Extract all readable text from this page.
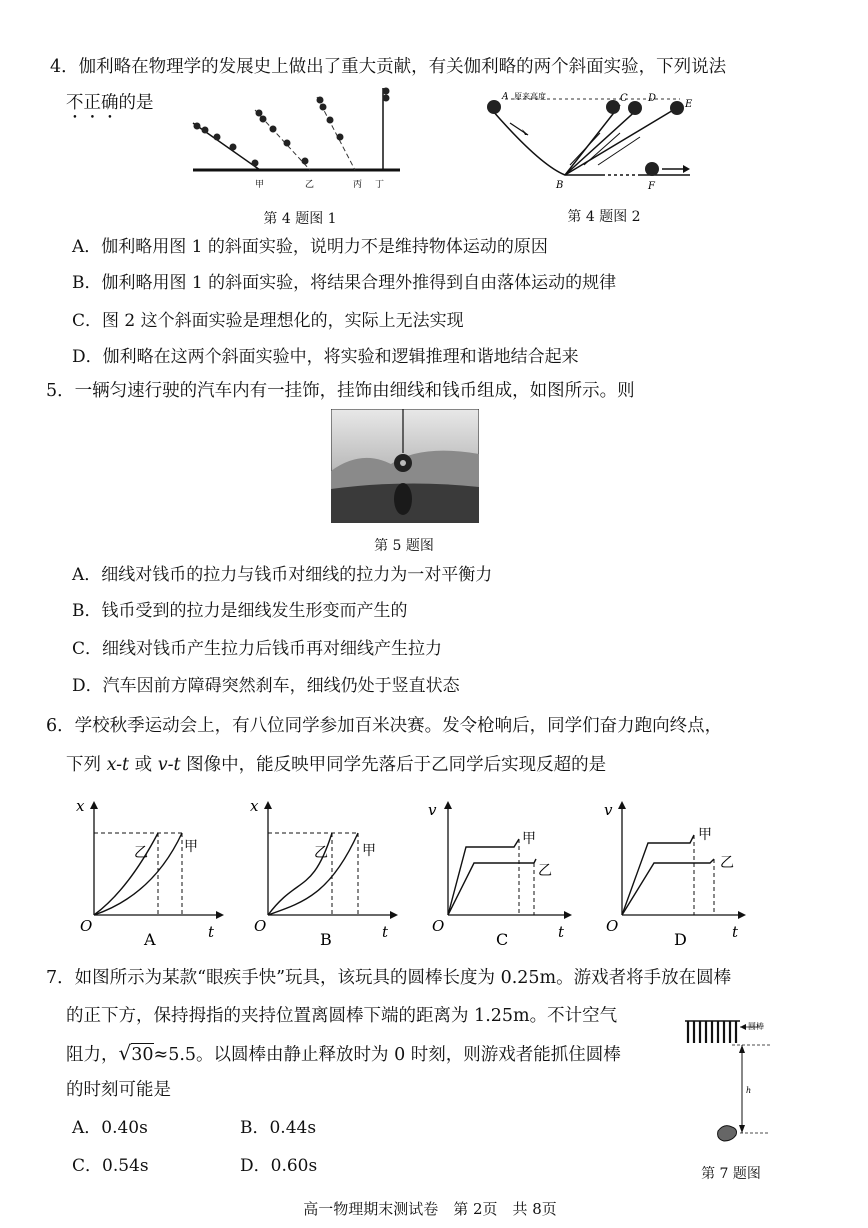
4．伽利略在物理学的发展史上做出了重大贡献，有关伽利略的两个斜面实验，下列说法
不正确的是
甲	乙	丙 丁
第 4 题图 1
A 原来高度	C D
E
B	F
第 4 题图 2
A．伽利略用图 1 的斜面实验，说明力不是维持物体运动的原因
B．伽利略用图 1 的斜面实验，将结果合理外推得到自由落体运动的规律
C．图 2 这个斜面实验是理想化的，实际上无法实现
D．伽利略在这两个斜面实验中，将实验和逻辑推理和谐地结合起来
5．一辆匀速行驶的汽车内有一挂饰，挂饰由细线和钱币组成，如图所示。则
第 5 题图
A．细线对钱币的拉力与钱币对细线的拉力为一对平衡力
B．钱币受到的拉力是细线发生形变而产生的
C．细线对钱币产生拉力后钱币再对细线产生拉力
D．汽车因前方障碍突然刹车，细线仍处于竖直状态
6．学校秋季运动会上，有八位同学参加百米决赛。发令枪响后，同学们奋力跑向终点，
下列 x-t 或 v-t 图像中，能反映甲同学先落后于乙同学后实现反超的是
x
t
O
乙	甲
A
x
t
O
乙 甲
B
v
t
O
甲
乙
C
v
t
O
甲
乙
D
7．如图所示为某款“眼疾手快”玩具，该玩具的圆棒长度为 0.25m。游戏者将手放在圆棒
的正下方，保持拇指的夹持位置离圆棒下端的距离为 1.25m。不计空气
阻力，√30≈5.5。以圆棒由静止释放时为 0 时刻，则游戏者能抓住圆棒
的时刻可能是
A．0.40s	B．0.44s
C．0.54s	D．0.60s
圆棒
h
第 7 题图
高一物理期末测试卷　第 2页　共 8页
